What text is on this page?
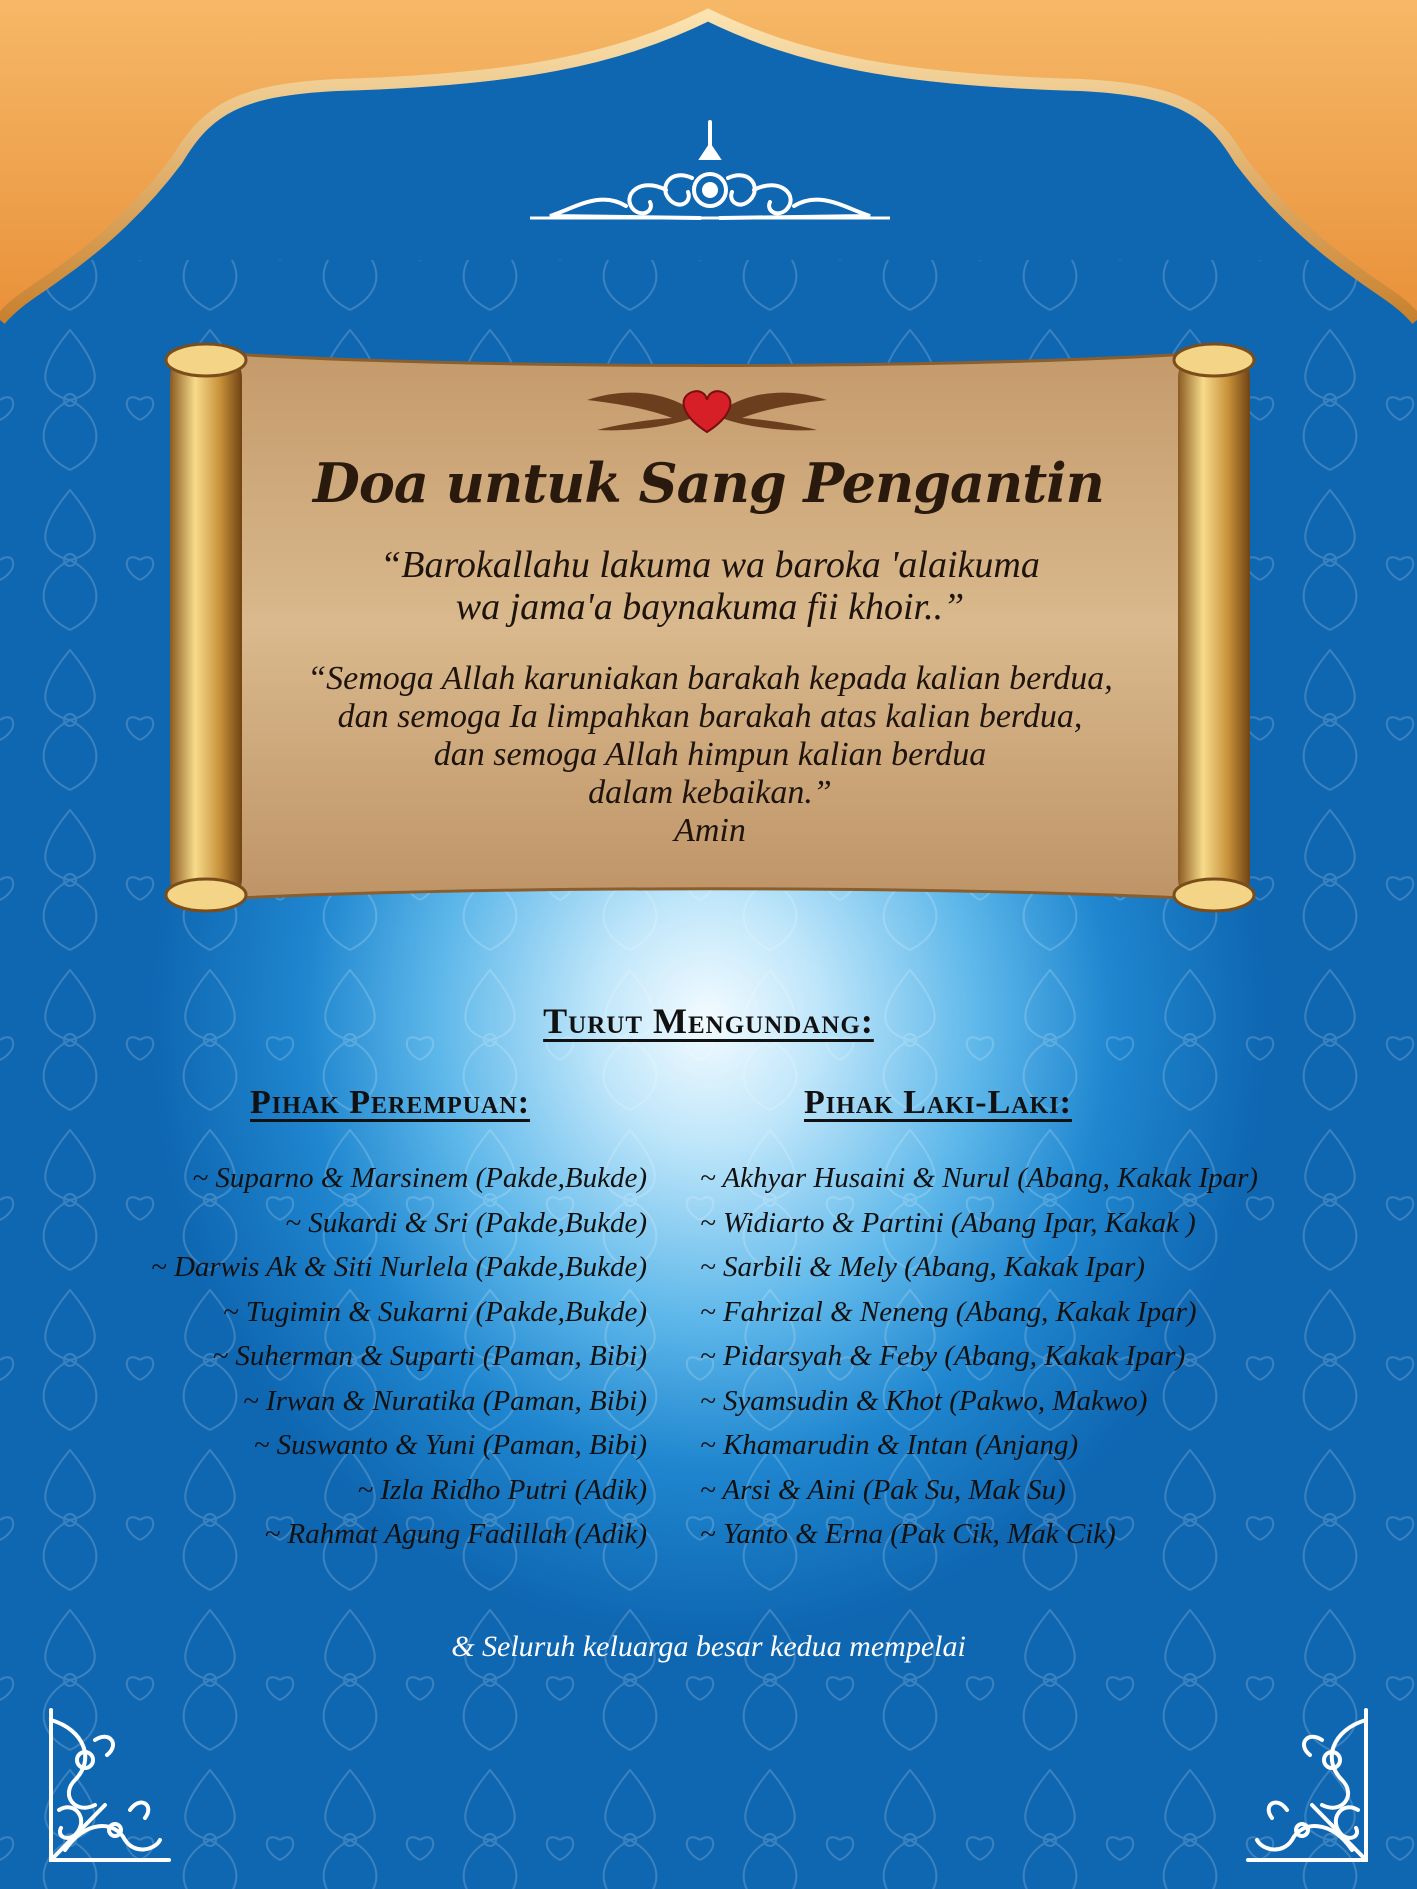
Doa untuk Sang Pengantin
“Barokallahu lakuma wa baroka 'alaikuma
wa jama'a baynakuma fii khoir..”
“Semoga Allah karuniakan barakah kepada kalian berdua,
dan semoga Ia limpahkan barakah atas kalian berdua,
dan semoga Allah himpun kalian berdua
dalam kebaikan.”
Amin
Turut Mengundang:
Pihak Perempuan:	Pihak Laki-Laki:
~ Suparno & Marsinem (Pakde,Bukde)
~ Sukardi & Sri (Pakde,Bukde)
~ Darwis Ak & Siti Nurlela (Pakde,Bukde)
~ Tugimin & Sukarni (Pakde,Bukde)
~ Suherman & Suparti (Paman, Bibi)
~ Irwan & Nuratika (Paman, Bibi)
~ Suswanto & Yuni (Paman, Bibi)
~ Izla Ridho Putri (Adik)
~ Rahmat Agung Fadillah (Adik)
~ Akhyar Husaini & Nurul (Abang, Kakak Ipar)
~ Widiarto & Partini (Abang Ipar, Kakak )
~ Sarbili & Mely (Abang, Kakak Ipar)
~ Fahrizal & Neneng (Abang, Kakak Ipar)
~ Pidarsyah & Feby (Abang, Kakak Ipar)
~ Syamsudin & Khot (Pakwo, Makwo)
~ Khamarudin & Intan (Anjang)
~ Arsi & Aini (Pak Su, Mak Su)
~ Yanto & Erna (Pak Cik, Mak Cik)
& Seluruh keluarga besar kedua mempelai
